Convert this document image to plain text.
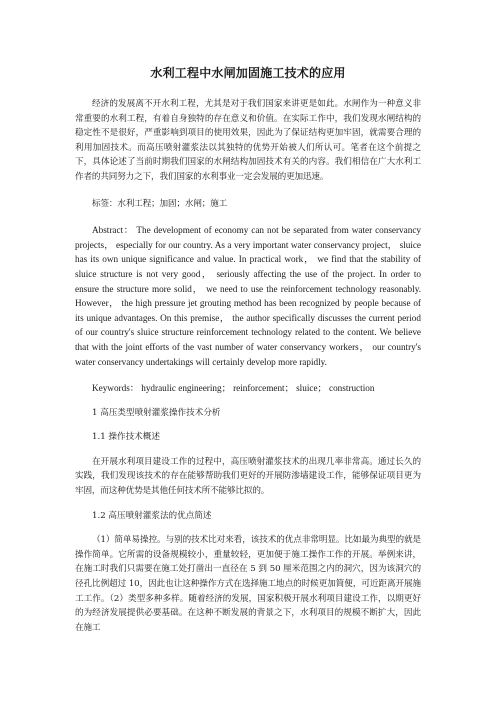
水利工程中水闸加固施工技术的应用

经济的发展离不开水利工程，尤其是对于我们国家来讲更是如此。水闸作为一种意义非常重要的水利工程，有着自身独特的存在意义和价值。在实际工作中，我们发现水闸结构的稳定性不是很好，严重影响到项目的使用效果，因此为了保证结构更加牢固，就需要合理的利用加固技术。而高压喷射灌浆法以其独特的优势开始被人们所认可。笔者在这个前提之下，具体论述了当前时期我们国家的水闸结构加固技术有关的内容。我们相信在广大水利工作者的共同努力之下，我们国家的水利事业一定会发展的更加迅速。

标签：水利工程；加固；水闸；施工

Abstract： The development of economy can not be separated from water conservancy projects， especially for our country. As a very important water conservancy project， sluice has its own unique significance and value. In practical work， we find that the stability of sluice structure is not very good， seriously affecting the use of the project. In order to ensure the structure more solid， we need to use the reinforcement technology reasonably. However， the high pressure jet grouting method has been recognized by people because of its unique advantages. On this premise， the author specifically discusses the current period of our country's sluice structure reinforcement technology related to the content. We believe that with the joint efforts of the vast number of water conservancy workers， our country's water conservancy undertakings will certainly develop more rapidly.

Keywords： hydraulic engineering； reinforcement； sluice； construction

1 高压类型喷射灌浆操作技术分析

1.1 操作技术概述

在开展水利项目建设工作的过程中，高压喷射灌浆技术的出现几率非常高。通过长久的实践，我们发现该技术的存在能够帮助我们更好的开展防渗墙建设工作，能够保证项目更为牢固，而这种优势是其他任何技术所不能够比拟的。

1.2 高压喷射灌浆法的优点简述

（1）简单易操控。与别的技术比对来看，该技术的优点非常明显。比如最为典型的就是操作简单。它所需的设备规模较小，重量较轻，更加便于施工操作工作的开展。举例来讲，在施工时我们只需要在施工处打凿出一直径在 5 到 50 厘米范围之内的洞穴，因为该洞穴的径孔比例超过 10，因此也让这种操作方式在选择施工地点的时候更加简便，可近距离开展施工工作。（2）类型多种多样。随着经济的发展，国家积极开展水利项目建设工作，以期更好的为经济发展提供必要基础。在这种不断发展的背景之下，水利项目的规模不断扩大，因此在施工
